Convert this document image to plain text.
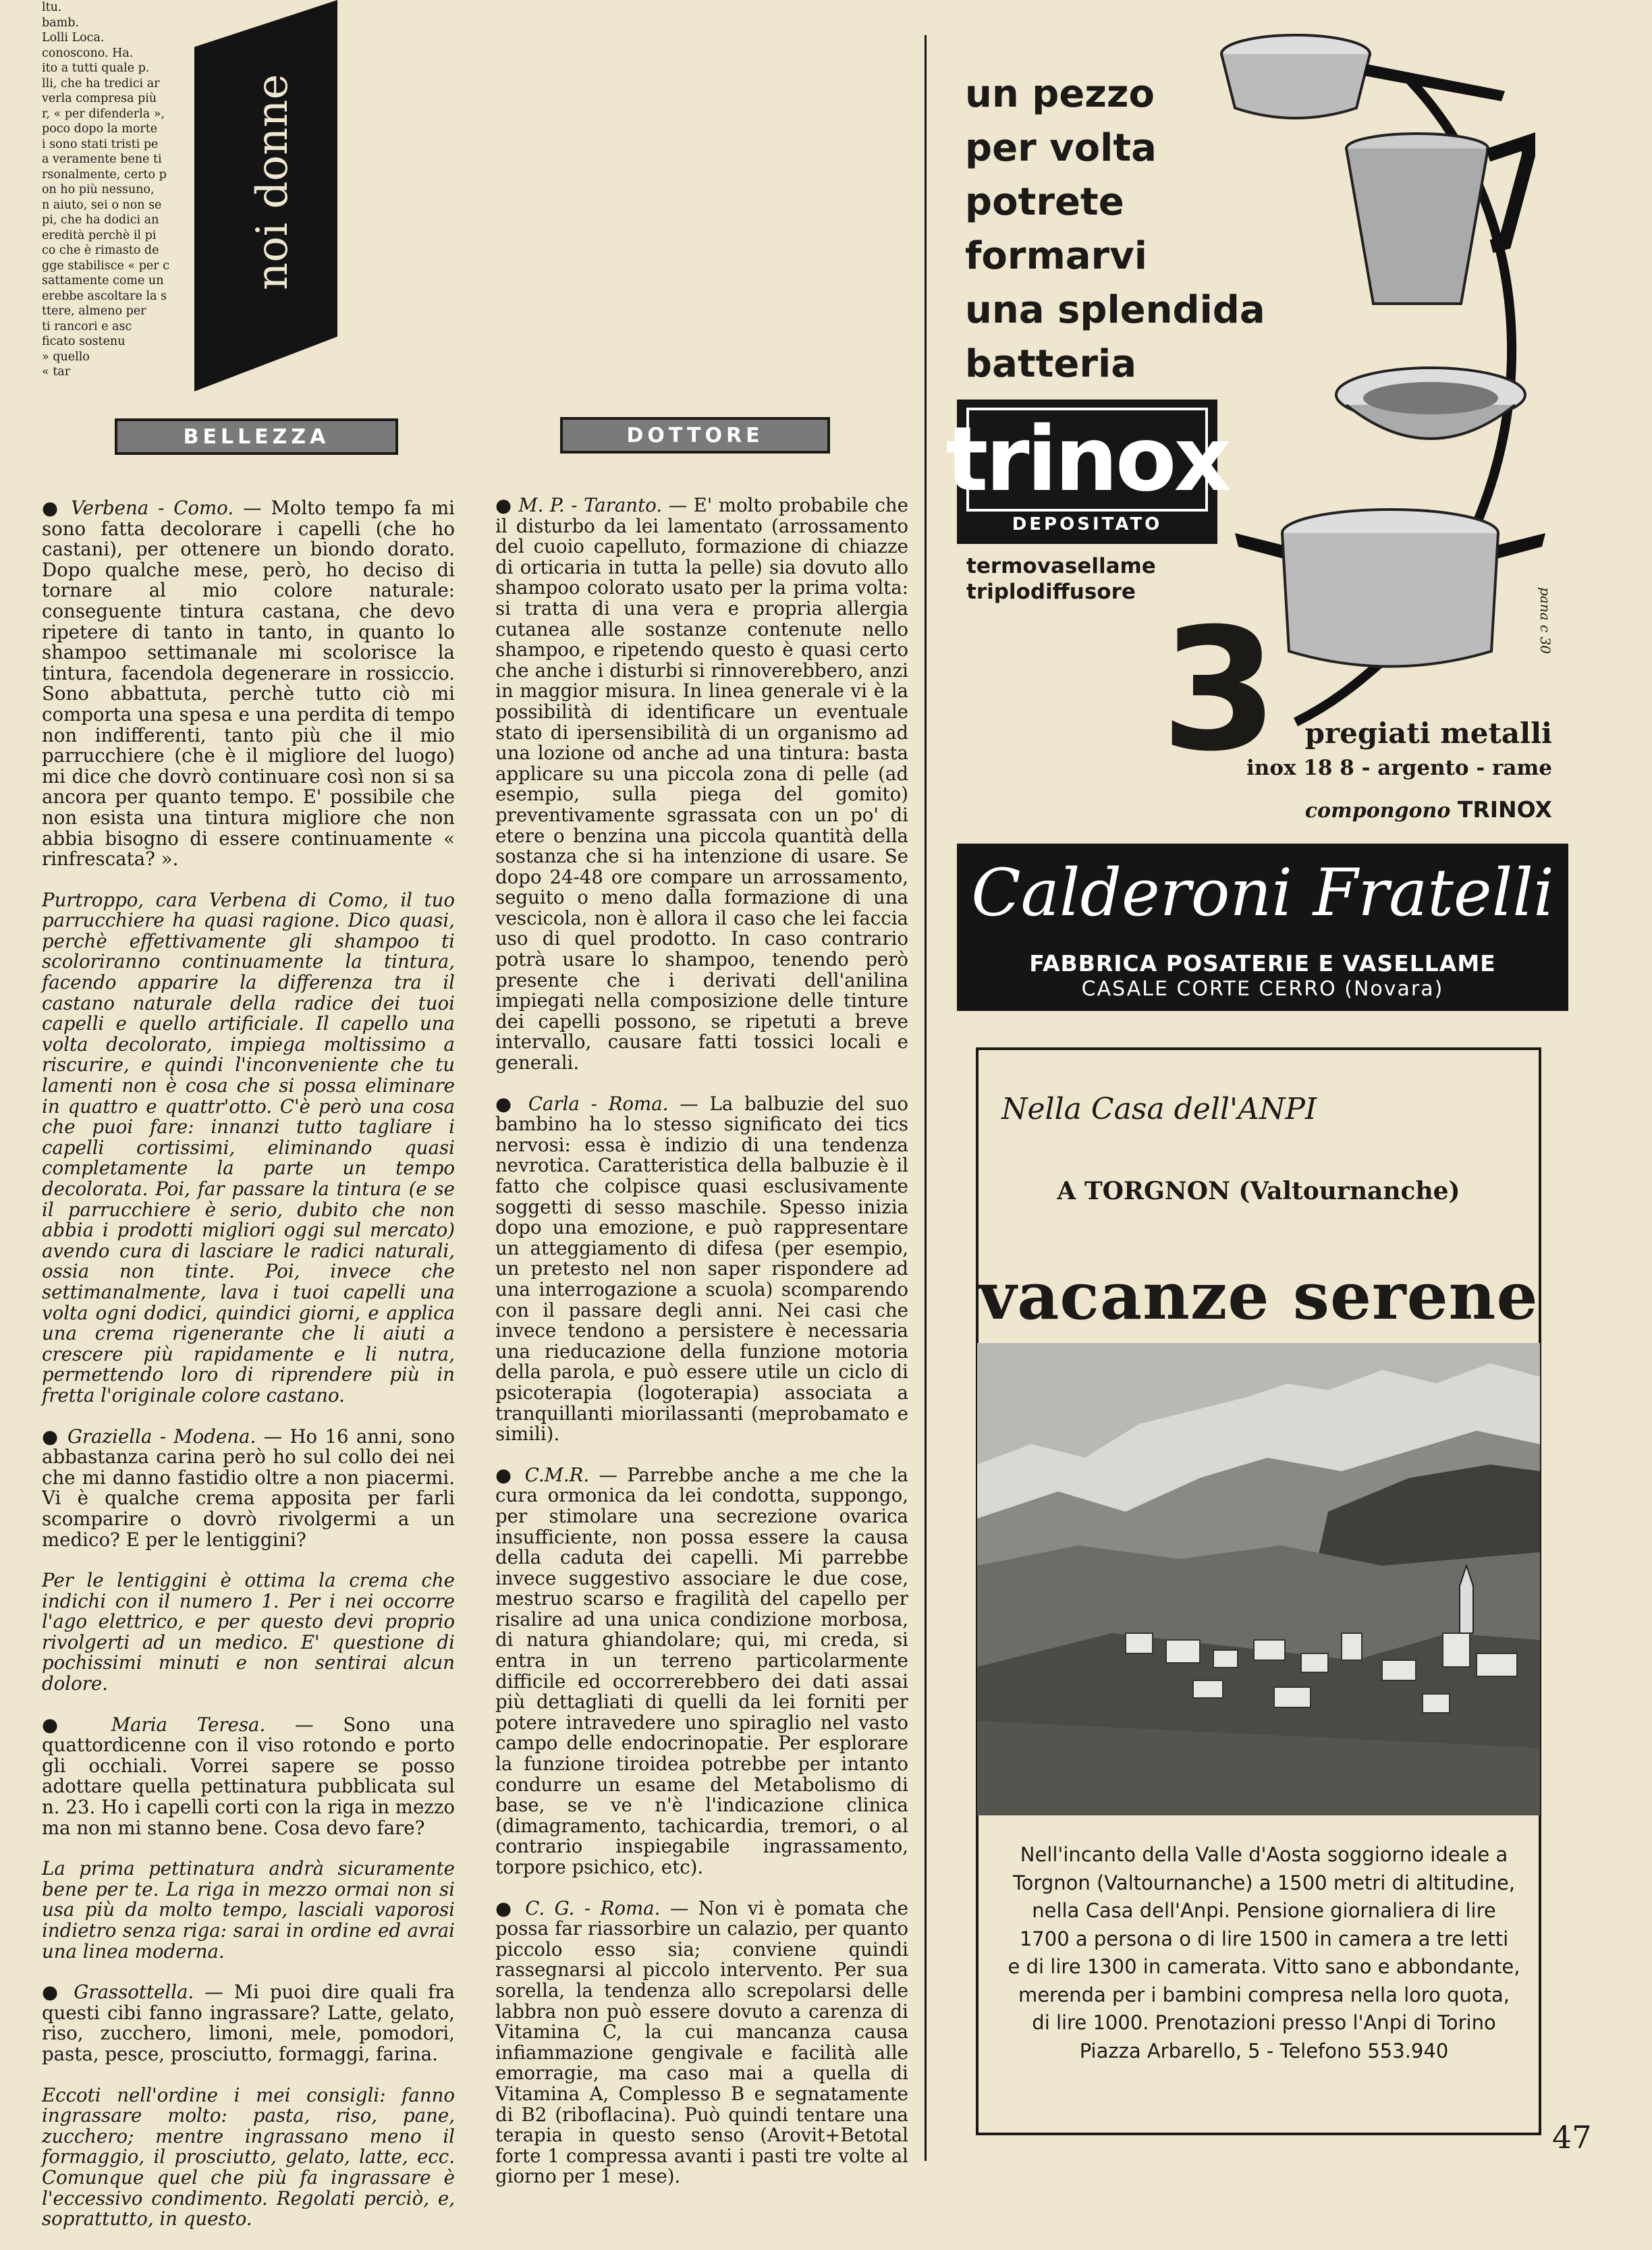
ltu.
bamb.
Lolli Loca.
conoscono. Ha.
ito a tutti quale p.
lli, che ha tredici ar
verla compresa più
r, « per difenderla »,
poco dopo la morte
i sono stati tristi pe
a veramente bene ti
rsonalmente, certo p
on ho più nessuno,
n aiuto, sei o non se
pi, che ha dodici an
eredità perchè il pi
co che è rimasto de
gge stabilisce « per c
sattamente come un
erebbe ascoltare la s
ttere, almeno per
ti rancori e asc
ficato sostenu
» quello
« tar
noi donne
BELLEZZA	DOTTORE

● Verbena - Como. — Molto tempo fa mi sono fatta decolorare i capelli (che ho castani), per ottenere un biondo dorato. Dopo qualche mese, però, ho deciso di tornare al mio colore naturale: conseguente tintura castana, che devo ripetere di tanto in tanto, in quanto lo shampoo settimanale mi scolorisce la tintura, facendola degenerare in rossiccio. Sono abbattuta, perchè tutto ciò mi comporta una spesa e una perdita di tempo non indifferenti, tanto più che il mio parrucchiere (che è il migliore del luogo) mi dice che dovrò continuare così non si sa ancora per quanto tempo. E' possibile che non esista una tintura migliore che non abbia bisogno di essere continuamente « rinfrescata? ».

Purtroppo, cara Verbena di Como, il tuo parrucchiere ha quasi ragione. Dico quasi, perchè effettivamente gli shampoo ti scoloriranno continuamente la tintura, facendo apparire la differenza tra il castano naturale della radice dei tuoi capelli e quello artificiale. Il capello una volta decolorato, impiega moltissimo a riscurire, e quindi l'inconveniente che tu lamenti non è cosa che si possa eliminare in quattro e quattr'otto. C'è però una cosa che puoi fare: innanzi tutto tagliare i capelli cortissimi, eliminando quasi completamente la parte un tempo decolorata. Poi, far passare la tintura (e se il parrucchiere è serio, dubito che non abbia i prodotti migliori oggi sul mercato) avendo cura di lasciare le radici naturali, ossia non tinte. Poi, invece che settimanalmente, lava i tuoi capelli una volta ogni dodici, quindici giorni, e applica una crema rigenerante che li aiuti a crescere più rapidamente e li nutra, permettendo loro di riprendere più in fretta l'originale colore castano.

● Graziella - Modena. — Ho 16 anni, sono abbastanza carina però ho sul collo dei nei che mi danno fastidio oltre a non piacermi. Vi è qualche crema apposita per farli scomparire o dovrò rivolgermi a un medico? E per le lentiggini?

Per le lentiggini è ottima la crema che indichi con il numero 1. Per i nei occorre l'ago elettrico, e per questo devi proprio rivolgerti ad un medico. E' questione di pochissimi minuti e non sentirai alcun dolore.

● Maria Teresa. — Sono una quattordicenne con il viso rotondo e porto gli occhiali. Vorrei sapere se posso adottare quella pettinatura pubblicata sul n. 23. Ho i capelli corti con la riga in mezzo ma non mi stanno bene. Cosa devo fare?

La prima pettinatura andrà sicuramente bene per te. La riga in mezzo ormai non si usa più da molto tempo, lasciali vaporosi indietro senza riga: sarai in ordine ed avrai una linea moderna.

● Grassottella. — Mi puoi dire quali fra questi cibi fanno ingrassare? Latte, gelato, riso, zucchero, limoni, mele, pomodori, pasta, pesce, prosciutto, formaggi, farina.

Eccoti nell'ordine i mei consigli: fanno ingrassare molto: pasta, riso, pane, zucchero; mentre ingrassano meno il formaggio, il prosciutto, gelato, latte, ecc. Comunque quel che più fa ingrassare è l'eccessivo condimento. Regolati perciò, e, soprattutto, in questo.

● M. P. - Taranto. — E' molto probabile che il disturbo da lei lamentato (arrossamento del cuoio capelluto, formazione di chiazze di orticaria in tutta la pelle) sia dovuto allo shampoo colorato usato per la prima volta: si tratta di una vera e propria allergia cutanea alle sostanze contenute nello shampoo, e ripetendo questo è quasi certo che anche i disturbi si rinnoverebbero, anzi in maggior misura. In linea generale vi è la possibilità di identificare un eventuale stato di ipersensibilità di un organismo ad una lozione od anche ad una tintura: basta applicare su una piccola zona di pelle (ad esempio, sulla piega del gomito) preventivamente sgrassata con un po' di etere o benzina una piccola quantità della sostanza che si ha intenzione di usare. Se dopo 24-48 ore compare un arrossamento, seguito o meno dalla formazione di una vescicola, non è allora il caso che lei faccia uso di quel prodotto. In caso contrario potrà usare lo shampoo, tenendo però presente che i derivati dell'anilina impiegati nella composizione delle tinture dei capelli possono, se ripetuti a breve intervallo, causare fatti tossici locali e generali.

● Carla - Roma. — La balbuzie del suo bambino ha lo stesso significato dei tics nervosi: essa è indizio di una tendenza nevrotica. Caratteristica della balbuzie è il fatto che colpisce quasi esclusivamente soggetti di sesso maschile. Spesso inizia dopo una emozione, e può rappresentare un atteggiamento di difesa (per esempio, un pretesto nel non saper rispondere ad una interrogazione a scuola) scomparendo con il passare degli anni. Nei casi che invece tendono a persistere è necessaria una rieducazione della funzione motoria della parola, e può essere utile un ciclo di psicoterapia (logoterapia) associata a tranquillanti miorilassanti (meprobamato e simili).

● C.M.R. — Parrebbe anche a me che la cura ormonica da lei condotta, suppongo, per stimolare una secrezione ovarica insufficiente, non possa essere la causa della caduta dei capelli. Mi parrebbe invece suggestivo associare le due cose, mestruo scarso e fragilità del capello per risalire ad una unica condizione morbosa, di natura ghiandolare; qui, mi creda, si entra in un terreno particolarmente difficile ed occorrerebbero dei dati assai più dettagliati di quelli da lei forniti per potere intravedere uno spiraglio nel vasto campo delle endocrinopatie. Per esplorare la funzione tiroidea potrebbe per intanto condurre un esame del Metabolismo di base, se ve n'è l'indicazione clinica (dimagramento, tachicardia, tremori, o al contrario inspiegabile ingrassamento, torpore psichico, etc).

● C. G. - Roma. — Non vi è pomata che possa far riassorbire un calazio, per quanto piccolo esso sia; conviene quindi rassegnarsi al piccolo intervento. Per sua sorella, la tendenza allo screpolarsi delle labbra non può essere dovuto a carenza di Vitamina C, la cui mancanza causa infiammazione gengivale e facilità alle emorragie, ma caso mai a quella di Vitamina A, Complesso B e segnatamente di B2 (riboflacina). Può quindi tentare una terapia in questo senso (Arovit+Betotal forte 1 compressa avanti i pasti tre volte al giorno per 1 mese).

un pezzo
per volta
potrete
formarvi
una splendida
batteria
trinox
DEPOSITATO
termovasellame
triplodiffusore 3 pregiati metalli
inox 18 8 - argento - rame
compongono TRINOX
pana c 30
Calderoni Fratelli
FABBRICA POSATERIE E VASELLAME
CASALE CORTE CERRO (Novara)
Nella Casa dell'ANPI
A TORGNON (Valtournanche)
vacanze serene
Nell'incanto della Valle d'Aosta soggiorno ideale a
Torgnon (Valtournanche) a 1500 metri di altitudine,
nella Casa dell'Anpi. Pensione giornaliera di lire
1700 a persona o di lire 1500 in camera a tre letti
e di lire 1300 in camerata. Vitto sano e abbondante,
merenda per i bambini compresa nella loro quota,
di lire 1000. Prenotazioni presso l'Anpi di Torino
Piazza Arbarello, 5 - Telefono 553.940
47
